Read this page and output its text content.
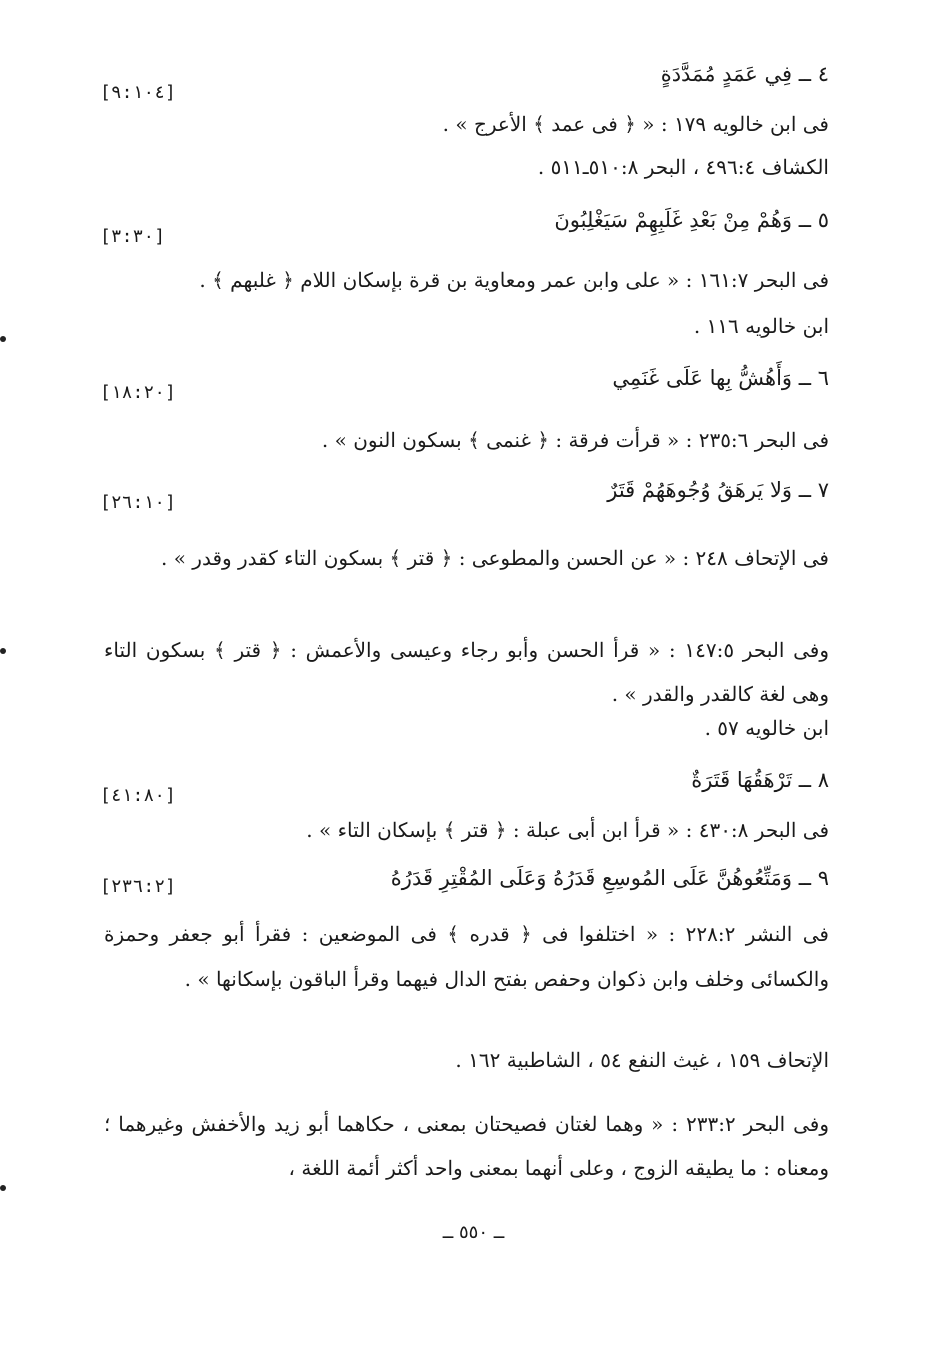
٤ ــ فِي عَمَدٍ مُمَدَّدَةٍ
[٩:١٠٤]
فى ابن خالويه ١٧٩ : « ﴿ فى عمد ﴾ الأعرج » .
الكشاف ٤٩٦:٤ ، البحر ٥١٠:٨ـ٥١١ .
٥ ــ وَهُمْ مِنْ بَعْدِ غَلَبِهِمْ سَيَغْلِبُونَ
[٣:٣٠]
فى البحر ١٦١:٧ : « على وابن عمر ومعاوية بن قرة بإسكان اللام ﴿ غلبهم ﴾ .
ابن خالويه ١١٦ .
٦ ــ وَأَهُشُّ بِها عَلَى غَنَمِي
[١٨:٢٠]
فى البحر ٢٣٥:٦ : « قرأت فرقة : ﴿ غنمى ﴾ بسكون النون » .
٧ ــ وَلا يَرهَقُ وُجُوهَهُمْ قَتَرٌ
[٢٦:١٠]
فى الإتحاف ٢٤٨ : « عن الحسن والمطوعى : ﴿ قتر ﴾ بسكون التاء كقدر وقدر » .
وفى البحر ١٤٧:٥ : « قرأ الحسن وأبو رجاء وعيسى والأعمش : ﴿ قتر ﴾ بسكون التاء وهى لغة كالقدر والقدر » .
ابن خالويه ٥٧ .
٨ ــ تَرْهَقُهَا قَتَرَةٌ
[٤١:٨٠]
فى البحر ٤٣٠:٨ : « قرأ ابن أبى عبلة : ﴿ قتر ﴾ بإسكان التاء » .
٩ ــ وَمَتِّعُوهُنَّ عَلَى المُوسِعِ قَدَرُهُ وَعَلَى المُقْتِرِ قَدَرُهُ
[٢٣٦:٢]
فى النشر ٢٢٨:٢ : « اختلفوا فى ﴿ قدره ﴾ فى الموضعين : فقرأ أبو جعفر وحمزة والكسائى وخلف وابن ذكوان وحفص بفتح الدال فيهما وقرأ الباقون بإسكانها » .
الإتحاف ١٥٩ ، غيث النفع ٥٤ ، الشاطبية ١٦٢ .
وفى البحر ٢٣٣:٢ : « وهما لغتان فصيحتان بمعنى ، حكاهما أبو زيد والأخفش وغيرهما ؛ ومعناه : ما يطيقه الزوج ، وعلى أنهما بمعنى واحد أكثر أئمة اللغة ،
ــ ٥٥٠ ــ
